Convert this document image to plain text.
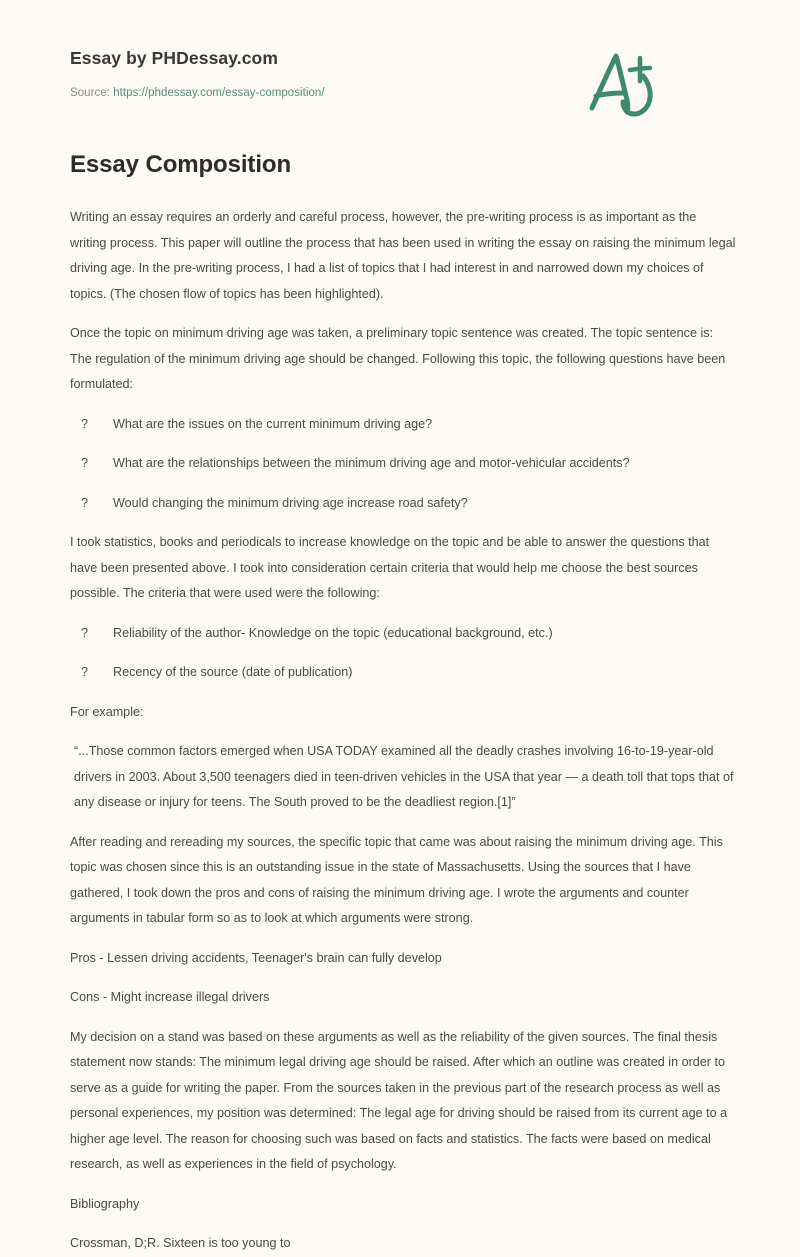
Essay by PHDessay.com
Source: https://phdessay.com/essay-composition/
Essay Composition

Writing an essay requires an orderly and careful process, however, the pre-writing process is as important as the writing process. This paper will outline the process that has been used in writing the essay on raising the minimum legal driving age. In the pre-writing process, I had a list of topics that I had interest in and narrowed down my choices of topics. (The chosen flow of topics has been highlighted).

Once the topic on minimum driving age was taken, a preliminary topic sentence was created. The topic sentence is: The regulation of the minimum driving age should be changed. Following this topic, the following questions have been formulated:

?	What are the issues on the current minimum driving age?
?	What are the relationships between the minimum driving age and motor-vehicular accidents?
?	Would changing the minimum driving age increase road safety?

I took statistics, books and periodicals to increase knowledge on the topic and be able to answer the questions that have been presented above. I took into consideration certain criteria that would help me choose the best sources possible. The criteria that were used were the following:

?	Reliability of the author- Knowledge on the topic (educational background, etc.)
?	Recency of the source (date of publication)

For example:

“...Those common factors emerged when USA TODAY examined all the deadly crashes involving 16-to-19-year-old drivers in 2003. About 3,500 teenagers died in teen-driven vehicles in the USA that year — a death toll that tops that of any disease or injury for teens. The South proved to be the deadliest region.[1]”

After reading and rereading my sources, the specific topic that came was about raising the minimum driving age. This topic was chosen since this is an outstanding issue in the state of Massachusetts. Using the sources that I have gathered, I took down the pros and cons of raising the minimum driving age. I wrote the arguments and counter arguments in tabular form so as to look at which arguments were strong.

Pros - Lessen driving accidents, Teenager's brain can fully develop

Cons - Might increase illegal drivers

My decision on a stand was based on these arguments as well as the reliability of the given sources. The final thesis statement now stands: The minimum legal driving age should be raised. After which an outline was created in order to serve as a guide for writing the paper. From the sources taken in the previous part of the research process as well as personal experiences, my position was determined: The legal age for driving should be raised from its current age to a higher age level. The reason for choosing such was based on facts and statistics. The facts were based on medical research, as well as experiences in the field of psychology.

Bibliography

Crossman, D;R. Sixteen is too young to
